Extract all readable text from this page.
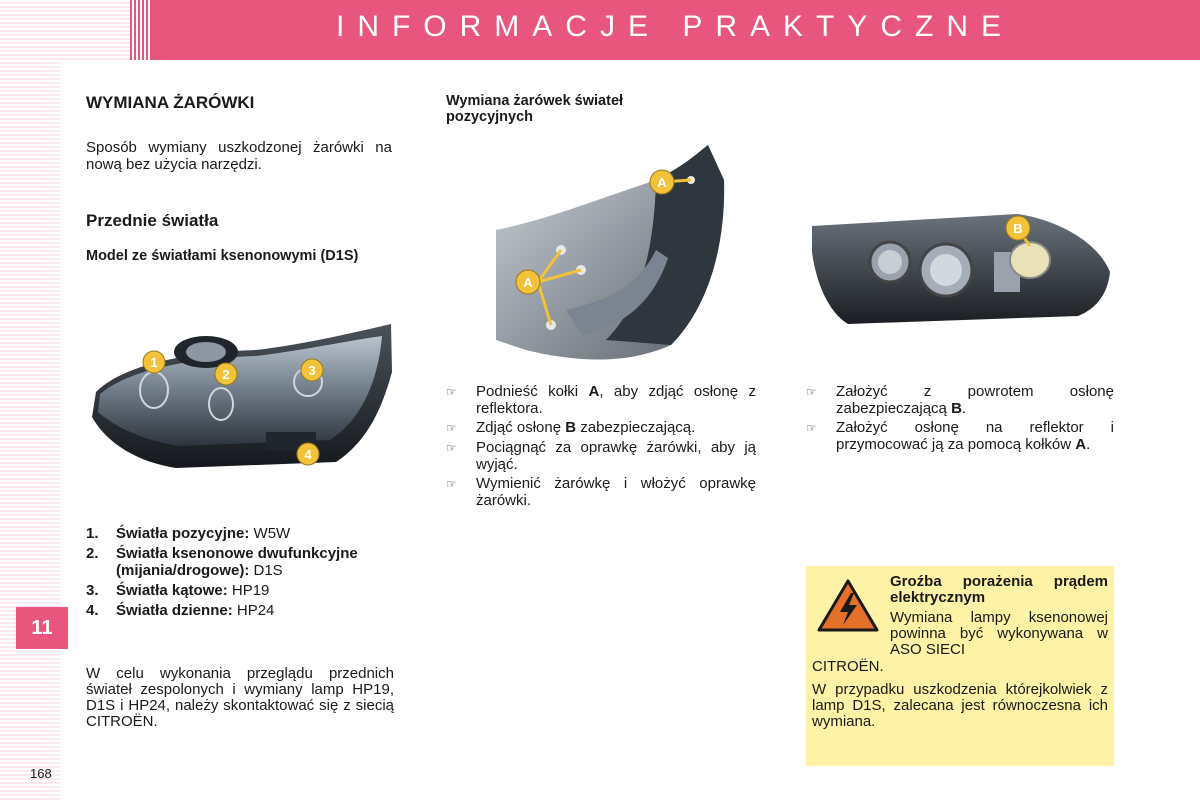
INFORMACJE PRAKTYCZNE
11
168
WYMIANA ŻARÓWKI

Sposób wymiany uszkodzonej żarówki na nową bez użycia narzędzi.

Przednie światła
Model ze światłami ksenonowymi (D1S)
1
2	3
4
1.	Światła pozycyjne: W5W
2.	Światła ksenonowe dwufunkcyjne (mijania/drogowe): D1S
3.	Światła kątowe: HP19
4.	Światła dzienne: HP24

W celu wykonania przeglądu przednich świateł zespolonych i wymiany lamp HP19, D1S i HP24, należy skontaktować się z siecią CITROËN.

Wymiana żarówek świateł pozycyjnych
A
A
☞	Podnieść kołki A, aby zdjąć osłonę z reflektora.
☞	Zdjąć osłonę B zabezpieczającą.
☞	Pociągnąć za oprawkę żarówki, aby ją wyjąć.
☞	Wymienić żarówkę i włożyć oprawkę żarówki.
B
☞	Założyć z powrotem osłonę zabezpieczającą B.
☞	Założyć osłonę na reflektor i przymocować ją za pomocą kołków A.
Groźba porażenia prądem elektrycznym
Wymiana lampy ksenonowej powinna być wykonywana w ASO SIECI
CITROËN.
W przypadku uszkodzenia którejkolwiek z lamp D1S, zalecana jest równoczesna ich wymiana.
